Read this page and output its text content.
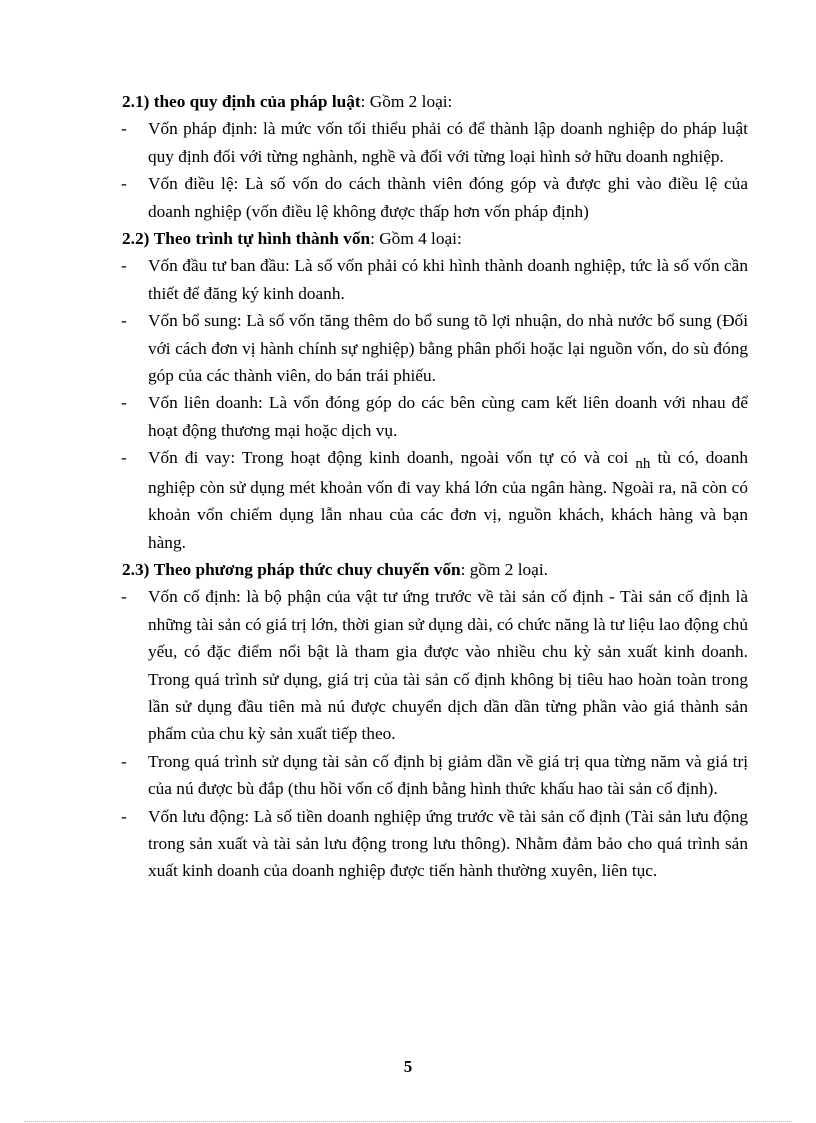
2.1) theo quy định của pháp luật: Gồm 2 loại:

-	Vốn pháp định: là mức vốn tối thiểu phải có để thành lập doanh nghiệp do pháp luật quy định đối với từng nghành, nghề và đối với từng loại hình sở hữu doanh nghiệp.
-	Vốn điều lệ: Là số vốn do cách thành viên đóng góp và được ghi vào điều lệ của doanh nghiệp (vốn điều lệ không được thấp hơn vốn pháp định)

2.2) Theo trình tự hình thành vốn: Gồm 4 loại:

-	Vốn đầu tư ban đầu: Là số vốn phải có khi hình thành doanh nghiệp, tức là số vốn cần thiết để đăng ký kinh doanh.
-	Vốn bổ sung: Là số vốn tăng thêm do bổ sung tõ lợi nhuận, do nhà nước bổ sung (Đối với cách đơn vị hành chính sự nghiệp) bằng phân phối hoặc lại nguồn vốn, do sù đóng góp của các thành viên, do bán trái phiếu.
-	Vốn liên doanh: Là vốn đóng góp do các bên cùng cam kết liên doanh với nhau để hoạt động thương mại hoặc dịch vụ.
-	Vốn đi vay: Trong hoạt động kinh doanh, ngoài vốn tự có và coi nh tù có, doanh nghiệp còn sử dụng mét khoản vốn đi vay khá lớn của ngân hàng. Ngoài ra, nã còn có khoản vốn chiếm dụng lẫn nhau của các đơn vị, nguồn khách, khách hàng và bạn hàng.

2.3) Theo phương pháp thức chuy chuyển vốn: gồm 2 loại.

-	Vốn cố định: là bộ phận của vật tư ứng trước về tài sản cố định - Tài sản cố định là những tài sản có giá trị lớn, thời gian sử dụng dài, có chức năng là tư liệu lao động chủ yếu, có đặc điểm nổi bật là tham gia được vào nhiều chu kỳ sản xuất kinh doanh. Trong quá trình sử dụng, giá trị của tài sản cố định không bị tiêu hao hoàn toàn trong lần sử dụng đầu tiên mà nú được chuyển dịch dần dần từng phần vào giá thành sản phẩm của chu kỳ sản xuất tiếp theo.
-	Trong quá trình sử dụng tài sản cố định bị giảm dần về giá trị qua từng năm và giá trị của nú được bù đắp (thu hồi vốn cố định bằng hình thức khấu hao tài sản cố định).
-	Vốn lưu động: Là số tiền doanh nghiệp ứng trước về tài sản cố định (Tài sản lưu động trong sản xuất và tài sản lưu động trong lưu thông). Nhằm đảm bảo cho quá trình sản xuất kinh doanh của doanh nghiệp được tiến hành thường xuyên, liên tục.
5
